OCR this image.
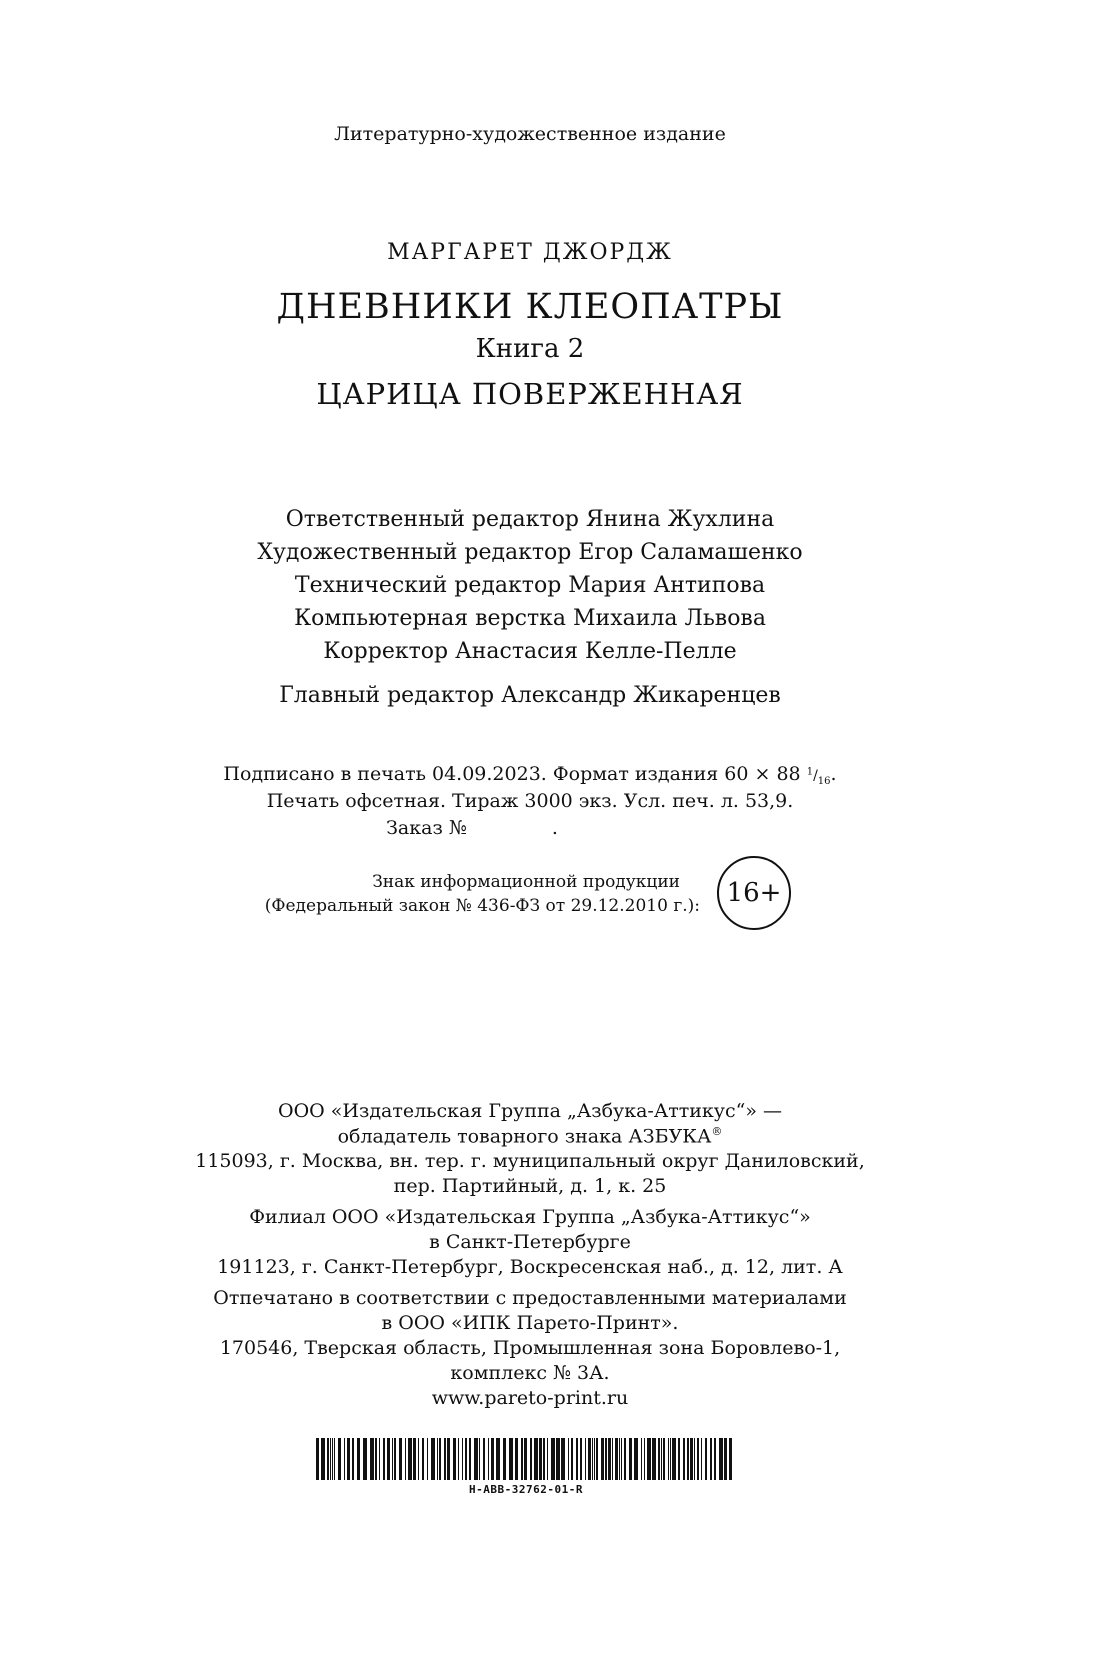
Литературно-художественное издание
МАРГАРЕТ ДЖОРДЖ
ДНЕВНИКИ КЛЕОПАТРЫ
Книга 2
ЦАРИЦА ПОВЕРЖЕННАЯ
Ответственный редактор Янина Жухлина
Художественный редактор Егор Саламашенко
Технический редактор Мария Антипова
Компьютерная верстка Михаила Львова
Корректор Анастасия Келле-Пелле
Главный редактор Александр Жикаренцев
Подписано в печать 04.09.2023. Формат издания 60 × 88 $^1/_{16}$.
Печать офсетная. Тираж 3000 экз. Усл. печ. л. 53,9.
Заказ №	.
Знак информационной продукции
(Федеральный закон № 436-ФЗ от 29.12.2010 г.): 16+
ООО «Издательская Группа „Азбука-Аттикус“» —
обладатель товарного знака АЗБУКА®
115093, г. Москва, вн. тер. г. муниципальный округ Даниловский,
пер. Партийный, д. 1, к. 25
Филиал ООО «Издательская Группа „Азбука-Аттикус“»
в Санкт-Петербурге
191123, г. Санкт-Петербург, Воскресенская наб., д. 12, лит. А
Отпечатано в соответствии с предоставленными материалами
в ООО «ИПК Парето-Принт».
170546, Тверская область, Промышленная зона Боровлево-1,
комплекс № 3А.
www.pareto-print.ru
H-ABB-32762-01-R
